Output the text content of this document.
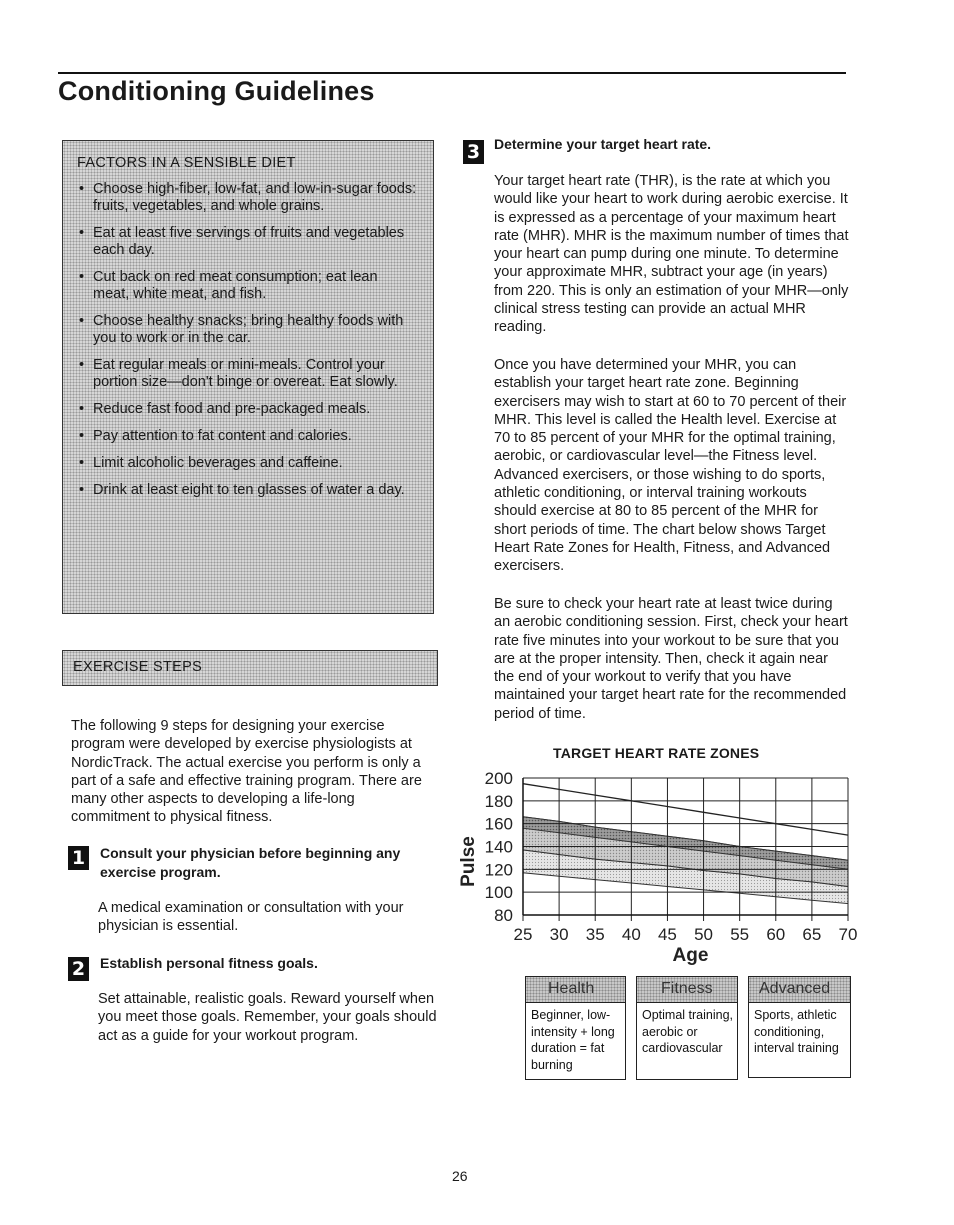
Conditioning Guidelines
FACTORS IN A SENSIBLE DIET
• Choose high-fiber, low-fat, and low-in-sugar foods: fruits, vegetables, and whole grains.
• Eat at least five servings of fruits and vegetables each day.
• Cut back on red meat consumption; eat lean meat, white meat, and fish.
• Choose healthy snacks; bring healthy foods with you to work or in the car.
• Eat regular meals or mini-meals. Control your portion size—don't binge or overeat. Eat slowly.
• Reduce fast food and pre-packaged meals.
• Pay attention to fat content and calories.
• Limit alcoholic beverages and caffeine.
• Drink at least eight to ten glasses of water a day.
EXERCISE STEPS

The following 9 steps for designing your exercise program were developed by exercise physiologists at NordicTrack. The actual exercise you perform is only a part of a safe and effective training program. There are many other aspects to developing a life-long commitment to physical fitness.

1 Consult your physician before beginning any exercise program.

A medical examination or consultation with your physician is essential.

2 Establish personal fitness goals.

Set attainable, realistic goals. Reward yourself when you meet those goals. Remember, your goals should act as a guide for your workout program.

3 Determine your target heart rate.

Your target heart rate (THR), is the rate at which you would like your heart to work during aerobic exercise. It is expressed as a percentage of your maximum heart rate (MHR). MHR is the maximum number of times that your heart can pump during one minute. To determine your approximate MHR, subtract your age (in years) from 220. This is only an estimation of your MHR—only clinical stress testing can provide an actual MHR reading.

Once you have determined your MHR, you can establish your target heart rate zone. Beginning exercisers may wish to start at 60 to 70 percent of their MHR. This level is called the Health level. Exercise at 70 to 85 percent of your MHR for the optimal training, aerobic, or cardiovascular level—the Fitness level. Advanced exercisers, or those wishing to do sports, athletic conditioning, or interval training workouts should exercise at 80 to 85 percent of the MHR for short periods of time. The chart below shows Target Heart Rate Zones for Health, Fitness, and Advanced exercisers.

Be sure to check your heart rate at least twice during an aerobic conditioning session. First, check your heart rate five minutes into your workout to be sure that you are at the proper intensity. Then, check it again near the end of your workout to verify that you have maintained your target heart rate for the recommended period of time.

TARGET HEART RATE ZONES

200
180
160
140
120
100
80
25 30 35 40 45 50 55 60 65 70
Age
Pulse
Health
Beginner, low-intensity + long duration = fat burning
Fitness
Optimal training, aerobic or cardiovascular
Advanced
Sports, athletic conditioning, interval training

26
